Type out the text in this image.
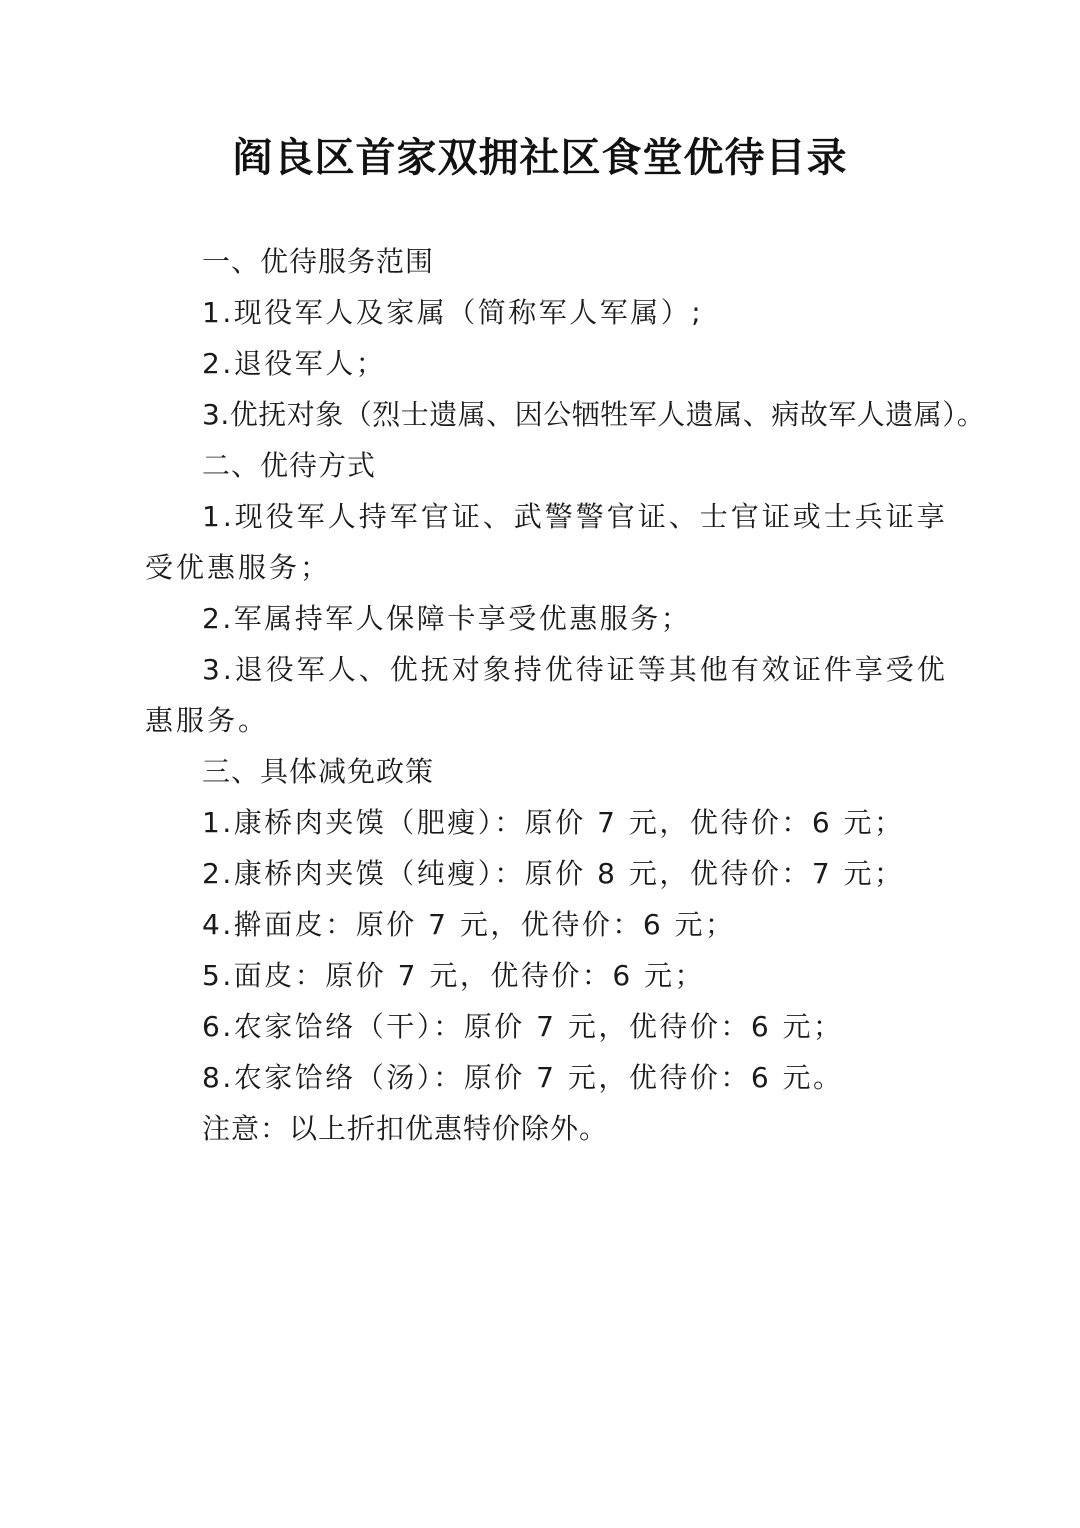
阎良区首家双拥社区食堂优待目录
一、优待服务范围
1.现役军人及家属（简称军人军属）;
2.退役军人；
3.优抚对象（烈士遗属、因公牺牲军人遗属、病故军人遗属）。
二、优待方式
1.现役军人持军官证、武警警官证、士官证或士兵证享受优惠服务；
2.军属持军人保障卡享受优惠服务；
3.退役军人、优抚对象持优待证等其他有效证件享受优惠服务。
三、具体减免政策
1.康桥肉夹馍（肥瘦）：原价 7 元，优待价：6 元；
2.康桥肉夹馍（纯瘦）：原价 8 元，优待价：7 元；
4.擀面皮：原价 7 元，优待价：6 元；
5.面皮：原价 7 元，优待价：6 元；
6.农家饸络（干）：原价 7 元，优待价：6 元；
8.农家饸络（汤）：原价 7 元，优待价：6 元。
注意：以上折扣优惠特价除外。
